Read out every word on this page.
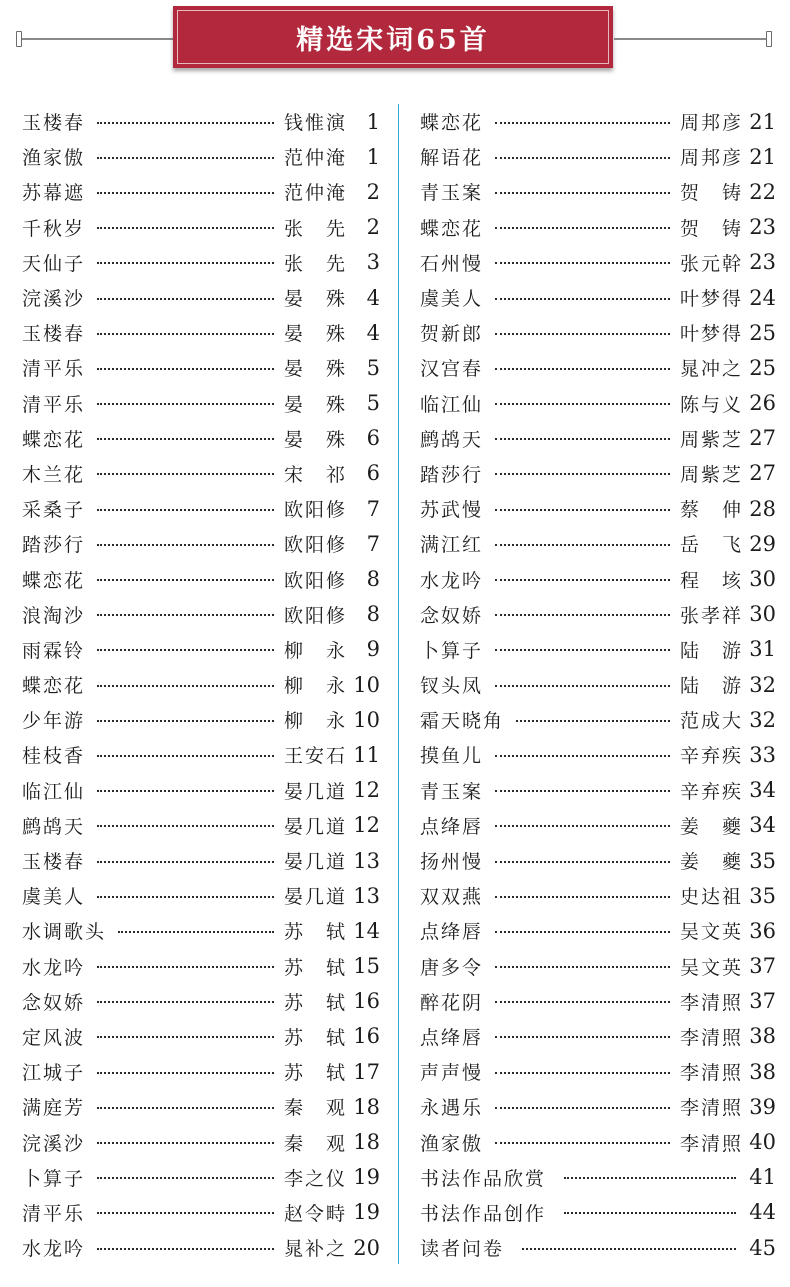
精选宋词65首
玉楼春	钱惟演 1
渔家傲	范仲淹 1
苏幕遮	范仲淹 2
千秋岁	张　先 2
天仙子	张　先 3
浣溪沙	晏　殊 4
玉楼春	晏　殊 4
清平乐	晏　殊 5
清平乐	晏　殊 5
蝶恋花	晏　殊 6
木兰花	宋　祁 6
采桑子	欧阳修 7
踏莎行	欧阳修 7
蝶恋花	欧阳修 8
浪淘沙	欧阳修 8
雨霖铃	柳　永 9
蝶恋花	柳　永 10
少年游	柳　永 10
桂枝香	王安石 11
临江仙	晏几道 12
鹧鸪天	晏几道 12
玉楼春	晏几道 13
虞美人	晏几道 13
水调歌头	苏　轼 14
水龙吟	苏　轼 15
念奴娇	苏　轼 16
定风波	苏　轼 16
江城子	苏　轼 17
满庭芳	秦　观 18
浣溪沙	秦　观 18
卜算子	李之仪 19
清平乐	赵令畤 19
水龙吟	晁补之 20
蝶恋花	周邦彦 21
解语花	周邦彦 21
青玉案	贺　铸 22
蝶恋花	贺　铸 23
石州慢	张元幹 23
虞美人	叶梦得 24
贺新郎	叶梦得 25
汉宫春	晁冲之 25
临江仙	陈与义 26
鹧鸪天	周紫芝 27
踏莎行	周紫芝 27
苏武慢	蔡　伸 28
满江红	岳　飞 29
水龙吟	程　垓 30
念奴娇	张孝祥 30
卜算子	陆　游 31
钗头凤	陆　游 32
霜天晓角	范成大 32
摸鱼儿	辛弃疾 33
青玉案	辛弃疾 34
点绛唇	姜　夔 34
扬州慢	姜　夔 35
双双燕	史达祖 35
点绛唇	吴文英 36
唐多令	吴文英 37
醉花阴	李清照 37
点绛唇	李清照 38
声声慢	李清照 38
永遇乐	李清照 39
渔家傲	李清照 40
书法作品欣赏	41
书法作品创作	44
读者问卷	45
